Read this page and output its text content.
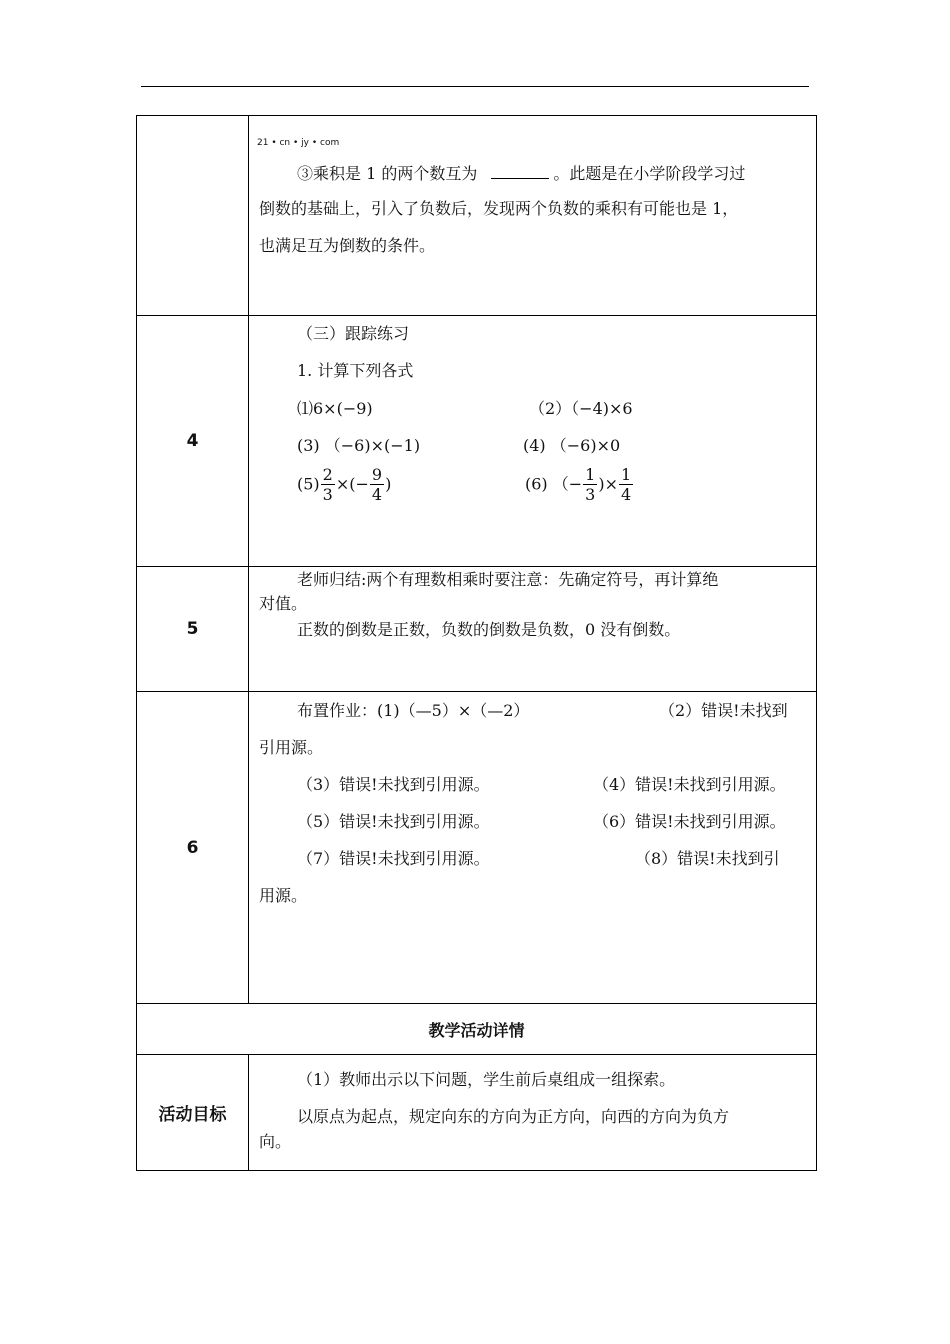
21 • cn • jy • com
③乘积是 1 的两个数互为	。此题是在小学阶段学习过
倒数的基础上，引入了负数后，发现两个负数的乘积有可能也是 1，
也满足互为倒数的条件。
4
（三）跟踪练习
1. 计算下列各式
⑴6×(−9)	（2）（−4)×6
(3) （−6)×(−1)	(4) （−6)×0
$(5) \frac{2}{3}$ ×(− $\frac{9}{4}$ )	(6) （− $\frac{1}{3}$ )× $\frac{1}{4}$
5
老师归结:两个有理数相乘时要注意：先确定符号，再计算绝
对值。
正数的倒数是正数，负数的倒数是负数，0 没有倒数。
6
布置作业：(1)（—5）×（—2）	（2）错误!未找到
引用源。
（3）错误!未找到引用源。	（4）错误!未找到引用源。
（5）错误!未找到引用源。	（6）错误!未找到引用源。
（7）错误!未找到引用源。	（8）错误!未找到引
用源。
教学活动详情
活动目标
（1）教师出示以下问题，学生前后桌组成一组探索。
以原点为起点，规定向东的方向为正方向，向西的方向为负方
向。
